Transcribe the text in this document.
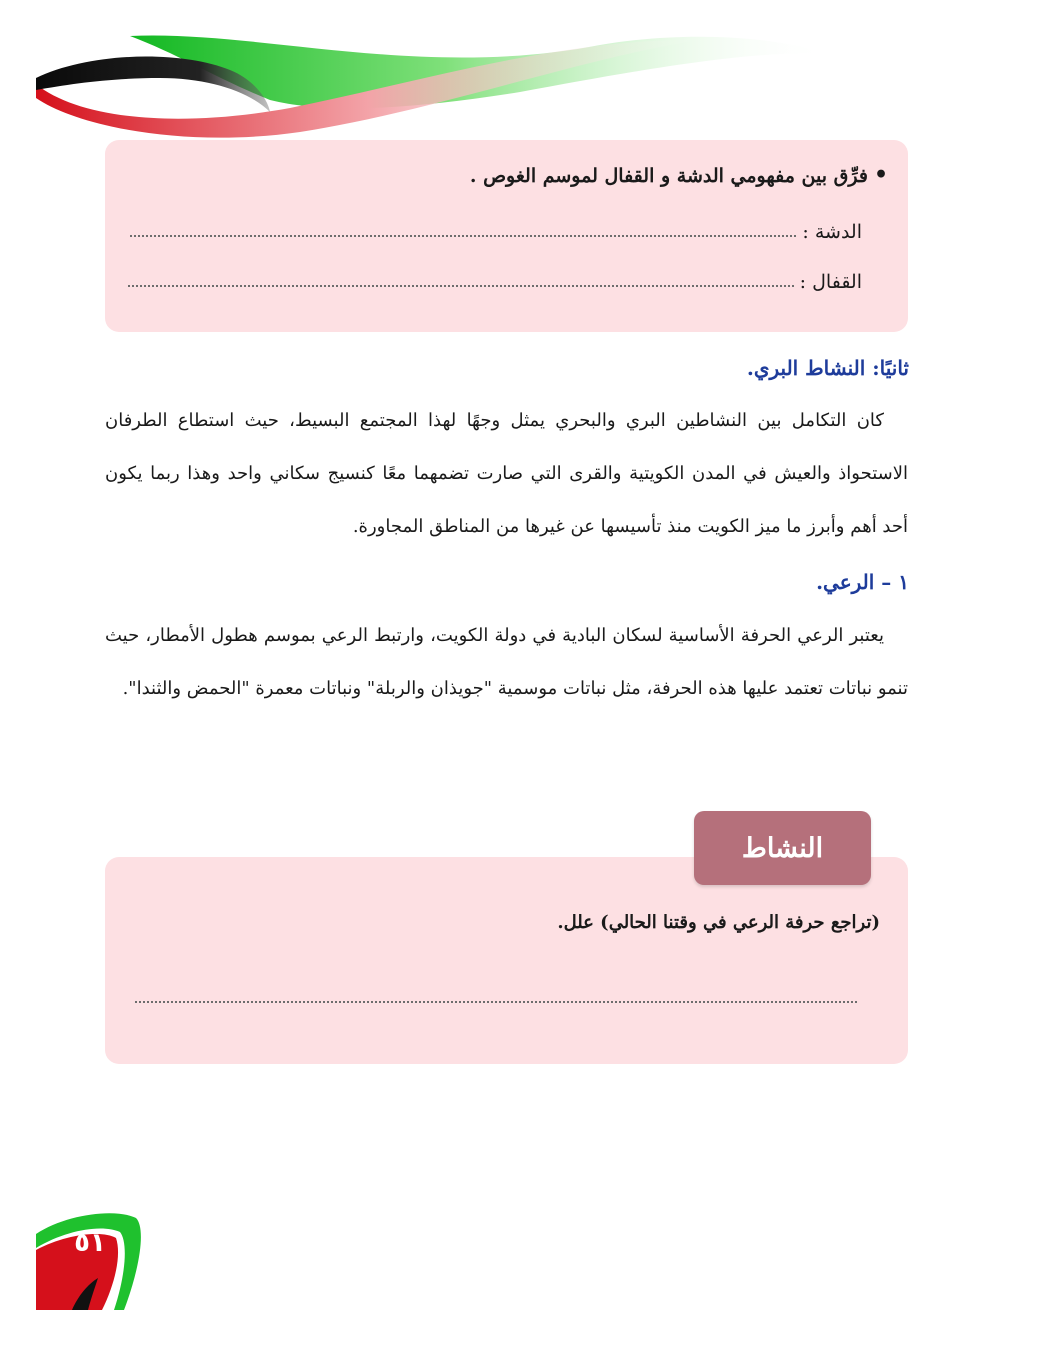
•فرِّق بين مفهومي الدشة و القفال لموسم الغوص .

الدشة :
القفال :
ثانيًا: النشاط البري.

كان التكامل بين النشاطين البري والبحري يمثل وجهًا لهذا المجتمع البسيط، حيث استطاع الطرفان الاستحواذ والعيش في المدن الكويتية والقرى التي صارت تضمهما معًا كنسيج سكاني واحد وهذا ربما يكون أحد أهم وأبرز ما ميز الكويت منذ تأسيسها عن غيرها من المناطق المجاورة.

١ – الرعي.

يعتبر الرعي الحرفة الأساسية لسكان البادية في دولة الكويت، وارتبط الرعي بموسم هطول الأمطار، حيث تنمو نباتات تعتمد عليها هذه الحرفة، مثل نباتات موسمية "جويذان والربلة" ونباتات معمرة "الحمض والثندا".

(تراجع حرفة الرعي في وقتنا الحالي) علل.

النشاط
٥١
